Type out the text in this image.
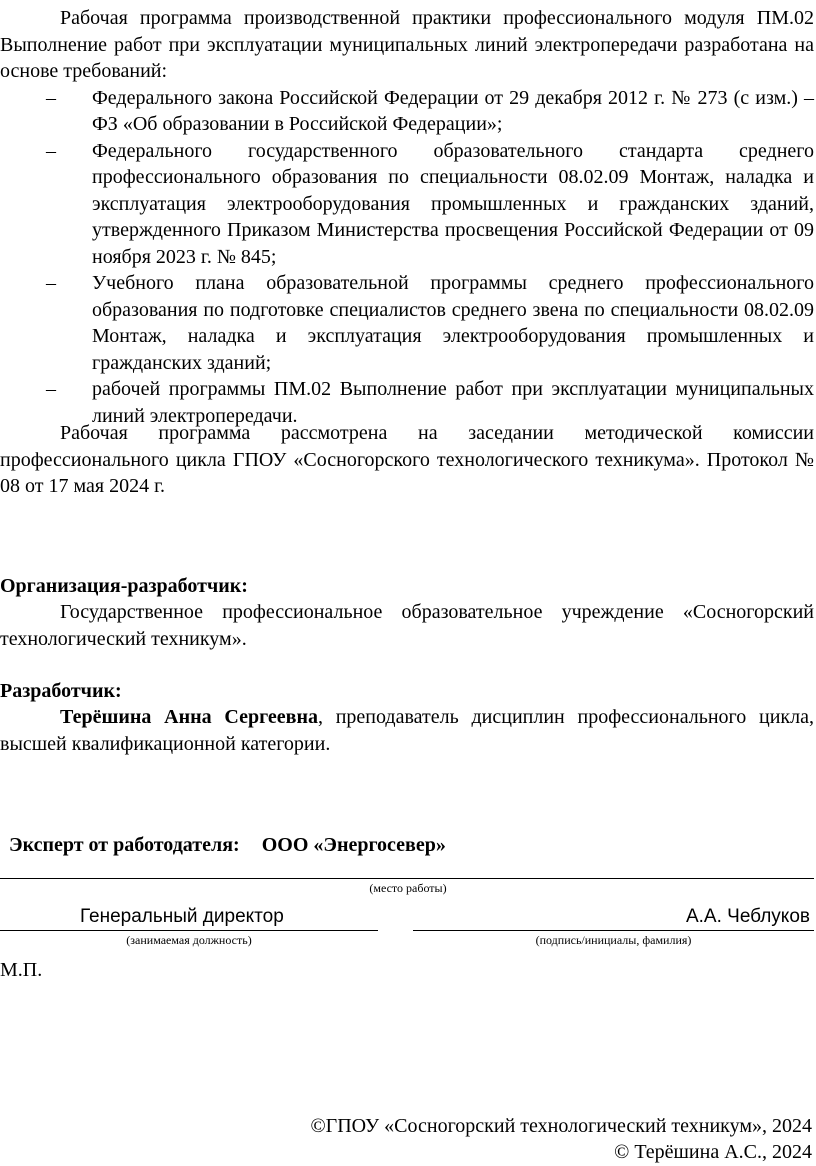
Рабочая программа производственной практики профессионального модуля ПМ.02 Выполнение работ при эксплуатации муниципальных линий электропередачи разработана на основе требований:

– Федерального закона Российской Федерации от 29 декабря 2012 г. № 273 (с изм.) – ФЗ «Об образовании в Российской Федерации»;
– Федерального государственного образовательного стандарта среднего профессионального образования по специальности 08.02.09 Монтаж, наладка и эксплуатация электрооборудования промышленных и гражданских зданий, утвержденного Приказом Министерства просвещения Российской Федерации от 09 ноября 2023 г. № 845;
– Учебного плана образовательной программы среднего профессионального образования по подготовке специалистов среднего звена по специальности 08.02.09 Монтаж, наладка и эксплуатация электрооборудования промышленных и гражданских зданий;
– рабочей программы ПМ.02 Выполнение работ при эксплуатации муниципальных линий электропередачи.

Рабочая программа рассмотрена на заседании методической комиссии профессионального цикла ГПОУ «Сосногорского технологического техникума». Протокол № 08 от 17 мая 2024 г.

Организация-разработчик:

Государственное профессиональное образовательное учреждение «Сосногорский технологический техникум».

Разработчик:

Терёшина Анна Сергеевна, преподаватель дисциплин профессионального цикла, высшей квалификационной категории.

Эксперт от работодателя: ООО «Энергосевер»
(место работы)
Генеральный директор	А.А. Чеблуков
(занимаемая должность)	(подпись/инициалы, фамилия)
М.П.
©ГПОУ «Сосногорский технологический техникум», 2024
© Терёшина А.С., 2024
